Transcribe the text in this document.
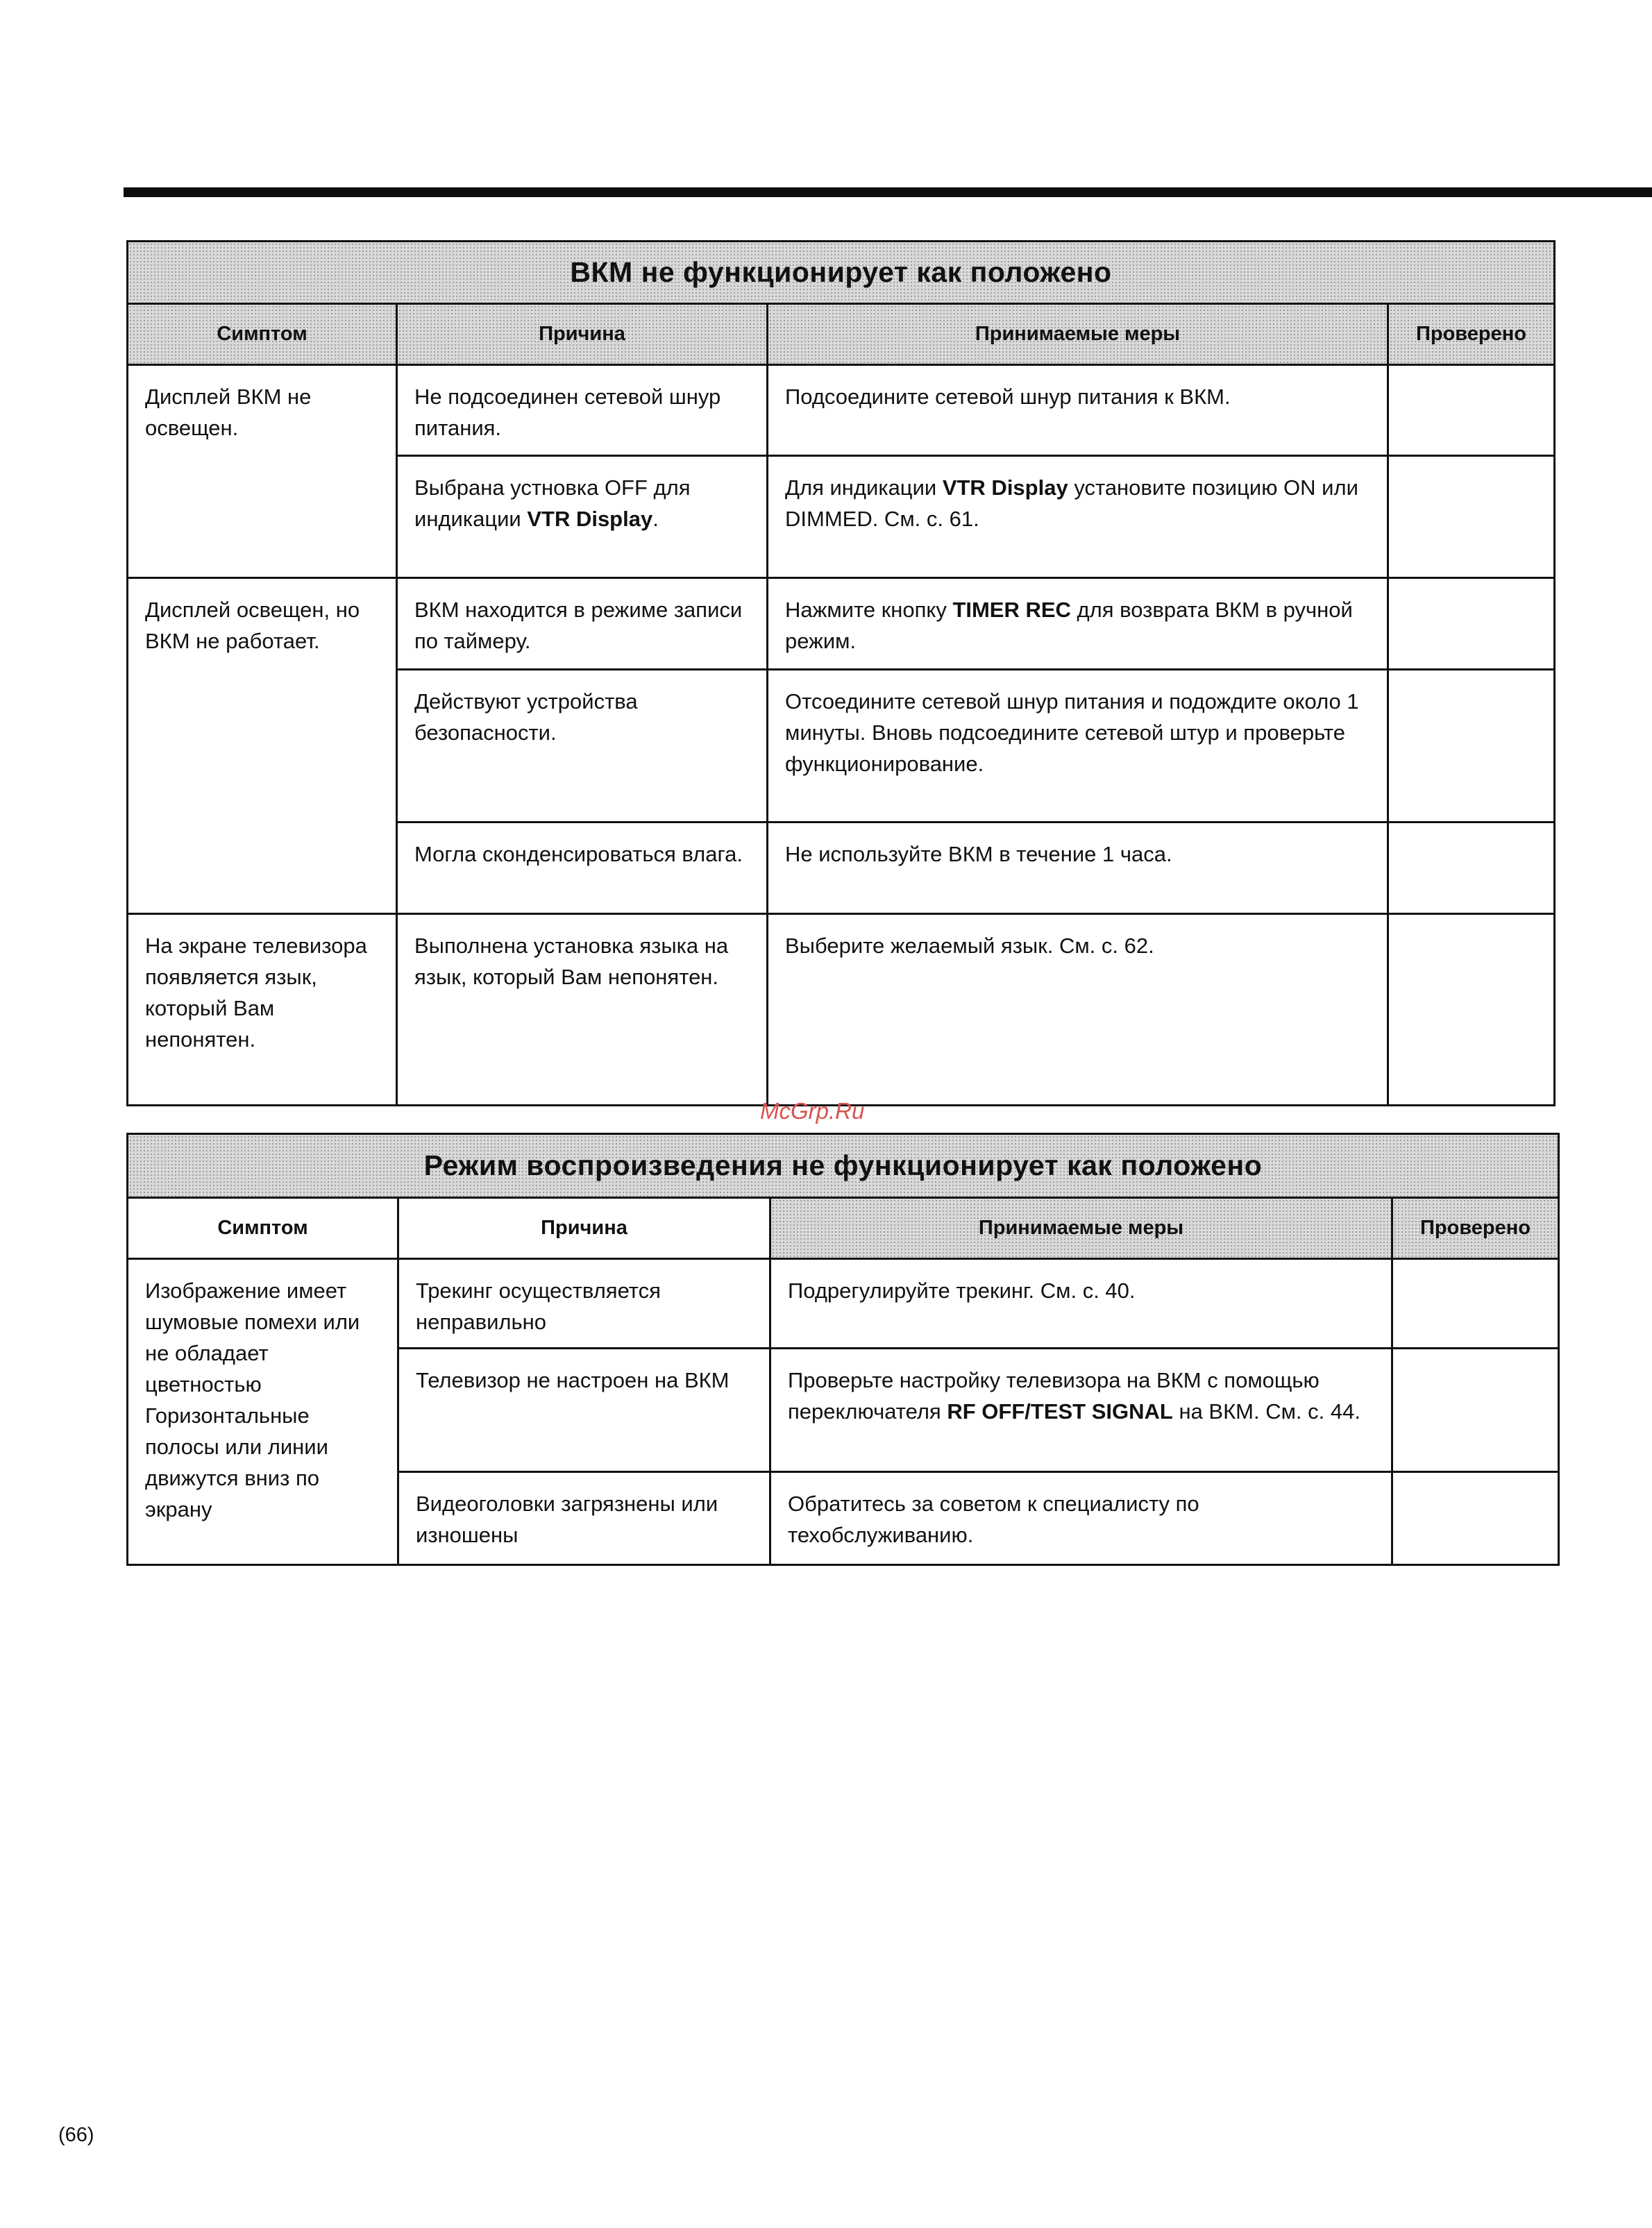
ВКМ не функционирует как положено			
Симптом	Причина	Принимаемые меры	Проверено
Дисплей ВКМ не освещен.	Не подсоединен сетевой шнур питания.	Подсоедините сетевой шнур питания к ВКМ.	
	Выбрана устновка OFF для индикации VTR Display.	Для индикации VTR Display установите позицию ON или DIMMED. См. с. 61.	
Дисплей освещен, но ВКМ не работает.	ВКМ находится в режиме записи по таймеру.	Нажмите кнопку TIMER REC для возврата ВКМ в ручной режим.	
	Действуют устройства безопасности.	Отсоедините сетевой шнур питания и подождите около 1 минуты. Вновь подсоедините сетевой штур и проверьте функционирование.	
	Могла сконденсироваться влага.	Не используйте ВКМ в течение 1 часа.	
На экране телевизора появляется язык, который Вам непонятен.	Выполнена установка языка на язык, который Вам непонятен.	Выберите желаемый язык. См. с. 62.	
McGrp.Ru
Режим воспроизведения не функционирует как положено			
Симптом	Причина	Принимаемые меры	Проверено
Изображение имеет шумовые помехи или не обладает цветностью Горизонтальные полосы или линии движутся вниз по экрану	Трекинг осуществляется неправильно	Подрегулируйте трекинг. См. с. 40.	
	Телевизор не настроен на ВКМ	Проверьте настройку телевизора на ВКМ с помощью переключателя RF OFF/TEST SIGNAL на ВКМ. См. с. 44.	
	Видеоголовки загрязнены или изношены	Обратитесь за советом к специалисту по техобслуживанию.	
(66)
